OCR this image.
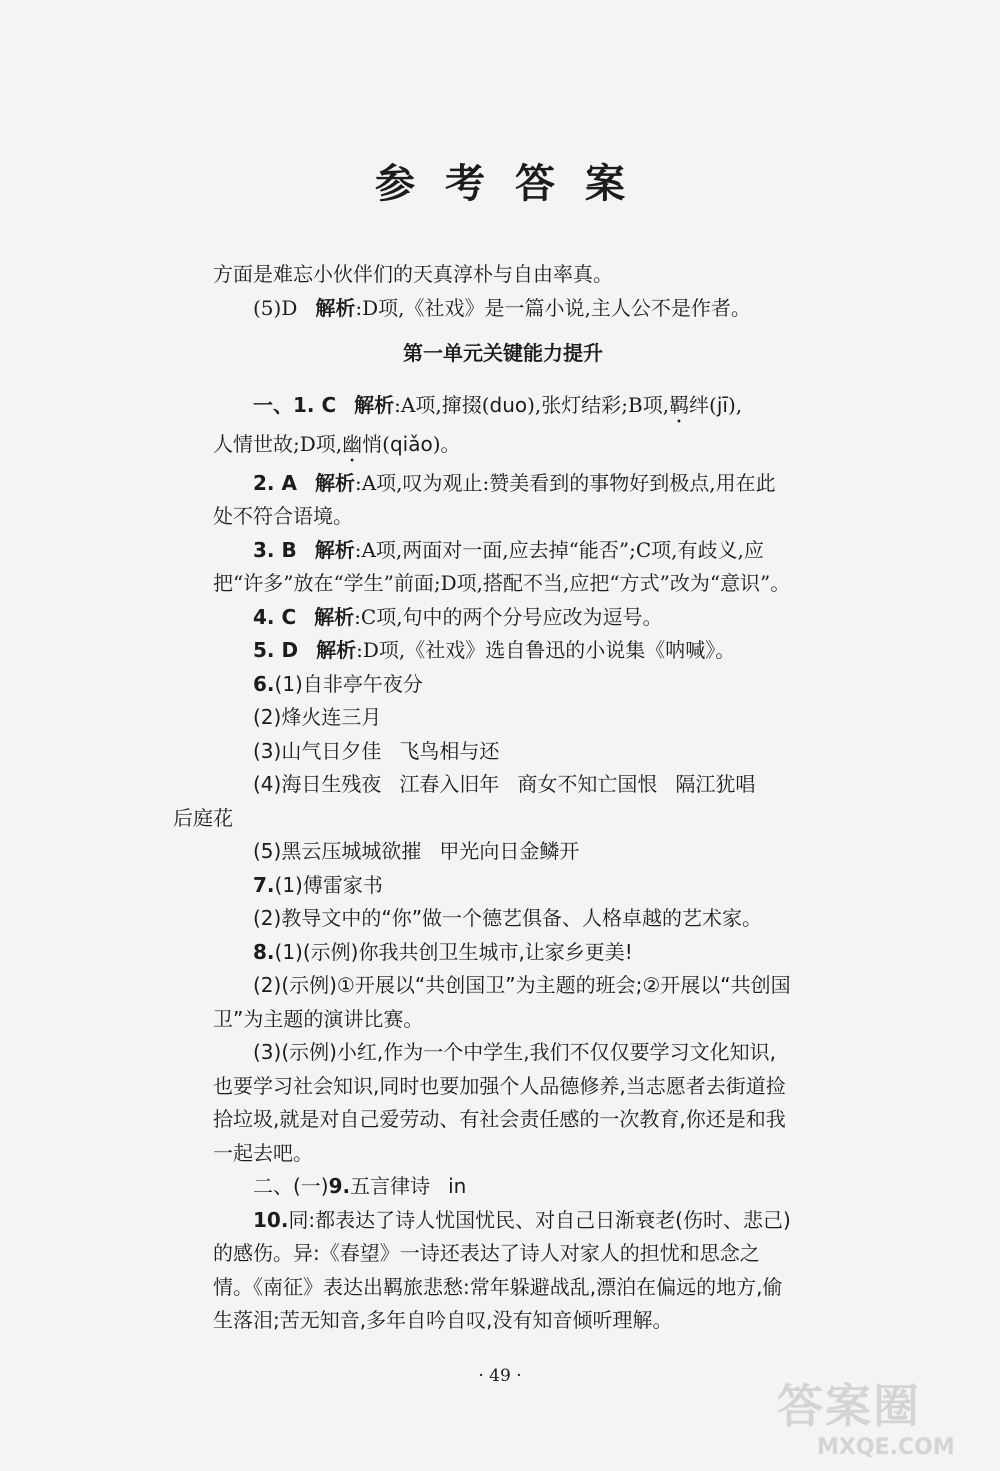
参考答案

方面是难忘小伙伴们的天真淳朴与自由率真。

(5)D 解析:D项,《社戏》是一篇小说,主人公不是作者。

第一单元关键能力提升

一、1. C 解析:A项,撺掇(duo),张灯结彩;B项,羁绊(jī),
人情世故;D项,幽悄(qiǎo)。

2. A 解析:A项,叹为观止:赞美看到的事物好到极点,用在此处不符合语境。

3. B 解析:A项,两面对一面,应去掉“能否”;C项,有歧义,应把“许多”放在“学生”前面;D项,搭配不当,应把“方式”改为“意识”。

4. C 解析:C项,句中的两个分号应改为逗号。

5. D 解析:D项,《社戏》选自鲁迅的小说集《呐喊》。

6.(1)自非亭午夜分

(2)烽火连三月

(3)山气日夕佳 飞鸟相与还

(4)海日生残夜 江春入旧年 商女不知亡国恨 隔江犹唱
后庭花

(5)黑云压城城欲摧 甲光向日金鳞开

7.(1)傅雷家书

(2)教导文中的“你”做一个德艺俱备、人格卓越的艺术家。

8.(1)(示例)你我共创卫生城市,让家乡更美!

(2)(示例)①开展以“共创国卫”为主题的班会;②开展以“共创国卫”为主题的演讲比赛。

(3)(示例)小红,作为一个中学生,我们不仅仅要学习文化知识,也要学习社会知识,同时也要加强个人品德修养,当志愿者去街道捡拾垃圾,就是对自己爱劳动、有社会责任感的一次教育,你还是和我一起去吧。

二、(一)9.五言律诗 in

10.同:都表达了诗人忧国忧民、对自己日渐衰老(伤时、悲己)的感伤。异:《春望》一诗还表达了诗人对家人的担忧和思念之情。《南征》表达出羁旅悲愁:常年躲避战乱,漂泊在偏远的地方,偷生落泪;苦无知音,多年自吟自叹,没有知音倾听理解。

· 49 ·
答案圈
MXQE.COM
